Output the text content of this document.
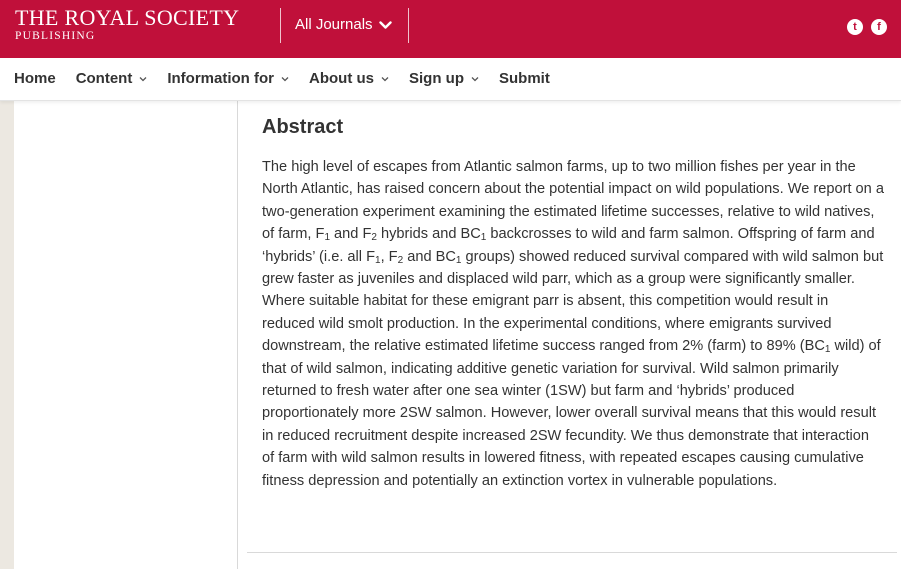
THE ROYAL SOCIETY
PUBLISHING
All Journals	t	f
Home Content Information for About us Sign up Submit
Abstract

The high level of escapes from Atlantic salmon farms, up to two million fishes per year in the North Atlantic, has raised concern about the potential impact on wild populations. We report on a two-generation experiment examining the estimated lifetime successes, relative to wild natives, of farm, $F_1$ and $F_2$ hybrids and $BC_1$ backcrosses to wild and farm salmon. Offspring of farm and ‘hybrids’ (i.e. all $F_1$, $F_2$ and $BC_1$ groups) showed reduced survival compared with wild salmon but grew faster as juveniles and displaced wild parr, which as a group were significantly smaller. Where suitable habitat for these emigrant parr is absent, this competition would result in reduced wild smolt production. In the experimental conditions, where emigrants survived downstream, the relative estimated lifetime success ranged from 2% (farm) to 89% ($BC_1$ wild) of that of wild salmon, indicating additive genetic variation for survival. Wild salmon primarily returned to fresh water after one sea winter (1SW) but farm and ‘hybrids’ produced proportionately more 2SW salmon. However, lower overall survival means that this would result in reduced recruitment despite increased 2SW fecundity. We thus demonstrate that interaction of farm with wild salmon results in lowered fitness, with repeated escapes causing cumulative fitness depression and potentially an extinction vortex in vulnerable populations.
